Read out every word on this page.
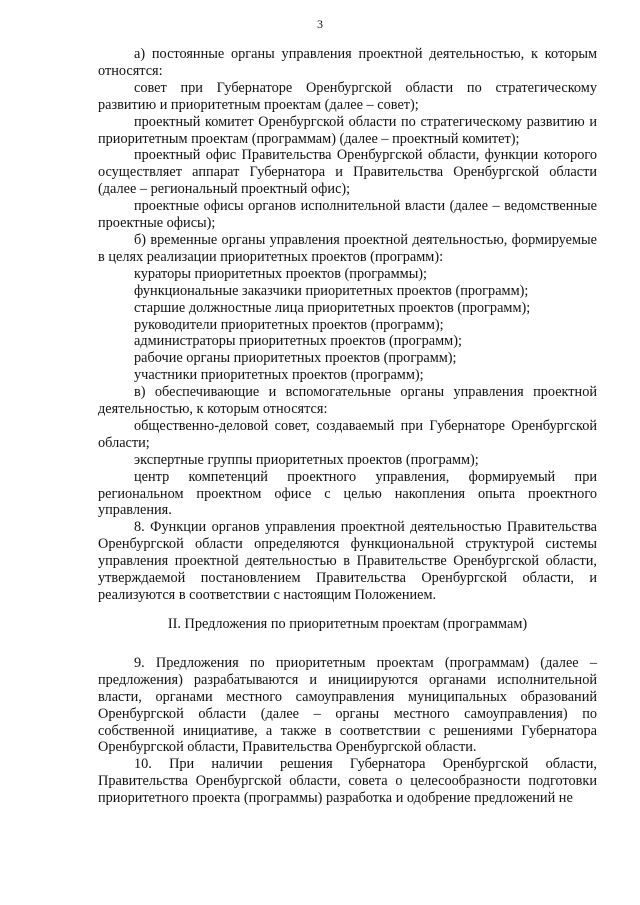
3

а) постоянные органы управления проектной деятельностью, к которым относятся:

совет при Губернаторе Оренбургской области по стратегическому развитию и приоритетным проектам (далее – совет);

проектный комитет Оренбургской области по стратегическому развитию и приоритетным проектам (программам) (далее – проектный комитет);

проектный офис Правительства Оренбургской области, функции которого осуществляет аппарат Губернатора и Правительства Оренбургской области (далее – региональный проектный офис);

проектные офисы органов исполнительной власти (далее – ведомственные проектные офисы);

б) временные органы управления проектной деятельностью, формируемые в целях реализации приоритетных проектов (программ):

кураторы приоритетных проектов (программы);

функциональные заказчики приоритетных проектов (программ);

старшие должностные лица приоритетных проектов (программ);

руководители приоритетных проектов (программ);

администраторы приоритетных проектов (программ);

рабочие органы приоритетных проектов (программ);

участники приоритетных проектов (программ);

в) обеспечивающие и вспомогательные органы управления проектной деятельностью, к которым относятся:

общественно-деловой совет, создаваемый при Губернаторе Оренбургской области;

экспертные группы приоритетных проектов (программ);

центр компетенций проектного управления, формируемый при региональном проектном офисе с целью накопления опыта проектного управления.

8. Функции органов управления проектной деятельностью Правительства Оренбургской области определяются функциональной структурой системы управления проектной деятельностью в Правительстве Оренбургской области, утверждаемой постановлением Правительства Оренбургской области, и реализуются в соответствии с настоящим Положением.

II. Предложения по приоритетным проектам (программам)

9. Предложения по приоритетным проектам (программам) (далее – предложения) разрабатываются и инициируются органами исполнительной власти, органами местного самоуправления муниципальных образований Оренбургской области (далее – органы местного самоуправления) по собственной инициативе, а также в соответствии с решениями Губернатора Оренбургской области, Правительства Оренбургской области.

10. При наличии решения Губернатора Оренбургской области, Правительства Оренбургской области, совета о целесообразности подготовки приоритетного проекта (программы) разработка и одобрение предложений не
